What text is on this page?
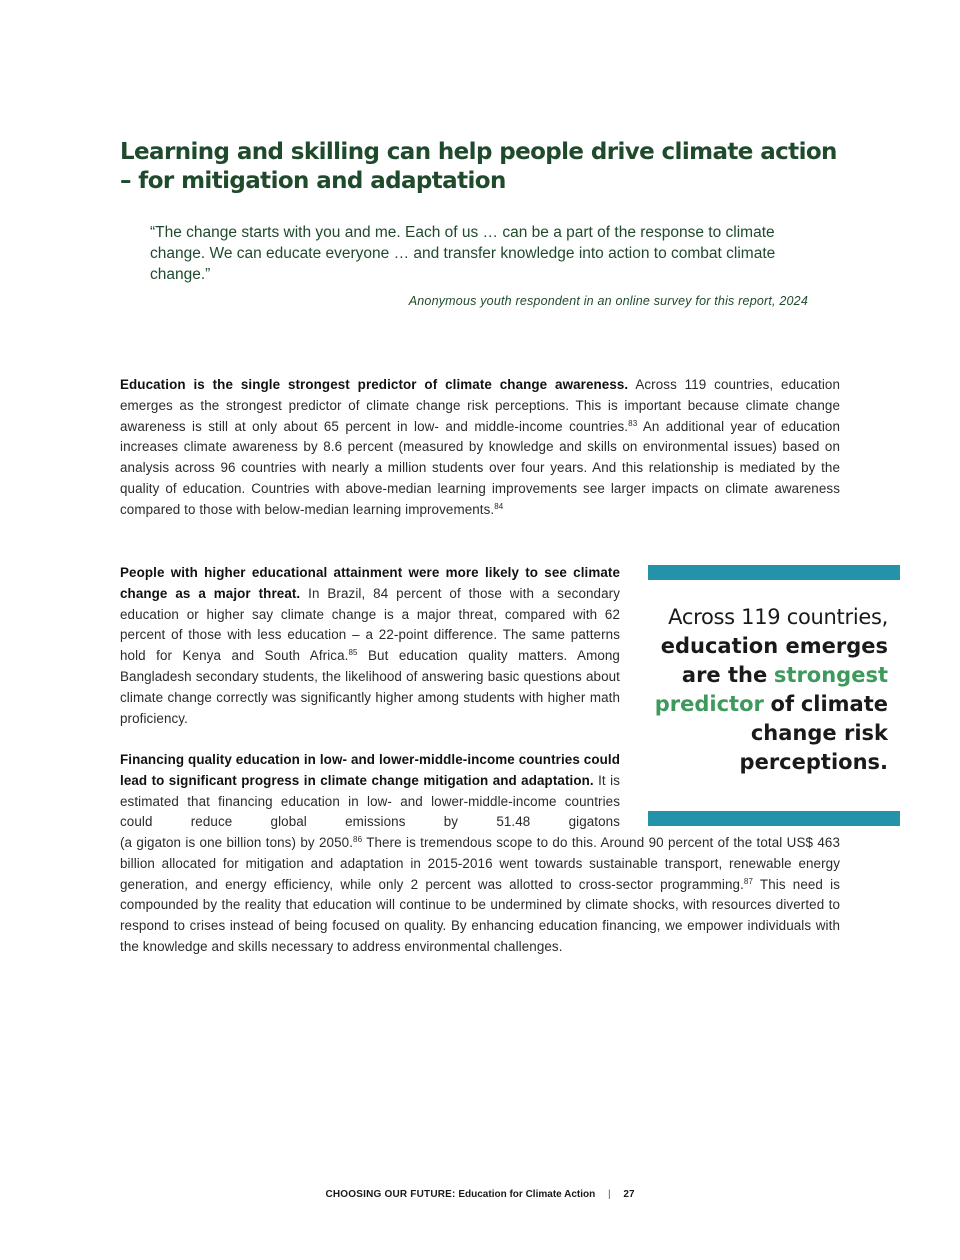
Learning and skilling can help people drive climate action – for mitigation and adaptation

“The change starts with you and me. Each of us … can be a part of the response to climate change. We can educate everyone … and transfer knowledge into action to combat climate change.”

Anonymous youth respondent in an online survey for this report, 2024

Education is the single strongest predictor of climate change awareness. Across 119 countries, education emerges as the strongest predictor of climate change risk perceptions. This is important because climate change awareness is still at only about 65 percent in low- and middle-income countries.$^{83}$ An additional year of education increases climate awareness by 8.6 percent (measured by knowledge and skills on environmental issues) based on analysis across 96 countries with nearly a million students over four years. And this relationship is mediated by the quality of education. Countries with above-median learning improvements see larger impacts on climate awareness compared to those with below-median learning improvements.$^{84}$

People with higher educational attainment were more likely to see climate change as a major threat. In Brazil, 84 percent of those with a secondary education or higher say climate change is a major threat, compared with 62 percent of those with less education – a 22-point difference. The same patterns hold for Kenya and South Africa.$^{85}$ But education quality matters. Among Bangladesh secondary students, the likelihood of answering basic questions about climate change correctly was significantly higher among students with higher math proficiency.

Financing quality education in low- and lower-middle-income countries could lead to significant progress in climate change mitigation and adaptation. It is estimated that financing education in low- and lower-middle-income countries could reduce global emissions by 51.48 gigatons

(a gigaton is one billion tons) by 2050.86 There is tremendous scope to do this. Around 90 percent of the total US$ 463 billion allocated for mitigation and adaptation in 2015-2016 went towards sustainable transport, renewable energy generation, and energy efficiency, while only 2 percent was allotted to cross-sector programming.$^{87}$ This need is compounded by the reality that education will continue to be undermined by climate shocks, with resources diverted to respond to crises instead of being focused on quality. By enhancing education financing, we empower individuals with the knowledge and skills necessary to address environmental challenges.

Across 119 countries,
education emerges are the strongest predictor of climate change risk perceptions.

CHOOSING OUR FUTURE: Education for Climate Action | 27
